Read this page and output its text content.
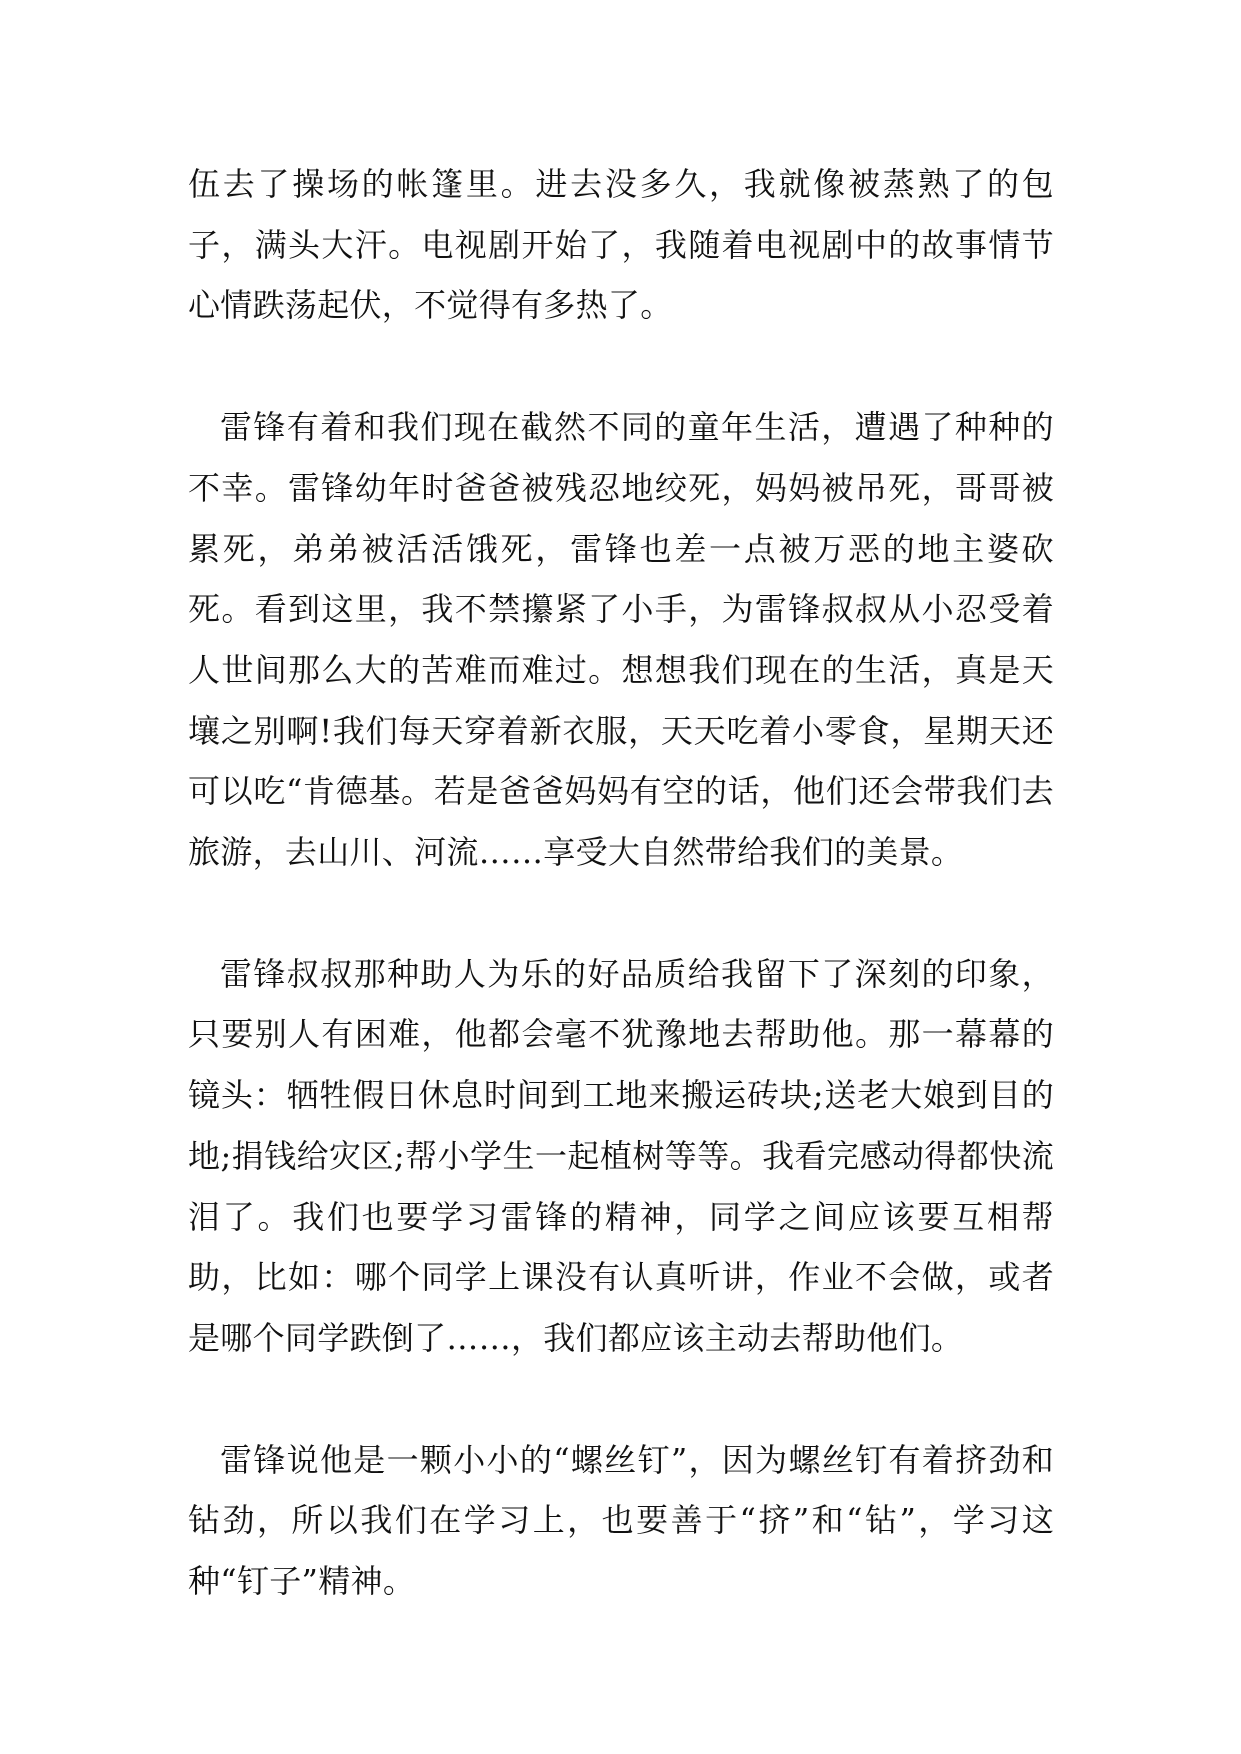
伍去了操场的帐篷里。进去没多久，我就像被蒸熟了的包子，满头大汗。电视剧开始了，我随着电视剧中的故事情节心情跌荡起伏，不觉得有多热了。

雷锋有着和我们现在截然不同的童年生活，遭遇了种种的不幸。雷锋幼年时爸爸被残忍地绞死，妈妈被吊死，哥哥被累死，弟弟被活活饿死，雷锋也差一点被万恶的地主婆砍死。看到这里，我不禁攥紧了小手，为雷锋叔叔从小忍受着人世间那么大的苦难而难过。想想我们现在的生活，真是天壤之别啊!我们每天穿着新衣服，天天吃着小零食，星期天还可以吃“肯德基。若是爸爸妈妈有空的话，他们还会带我们去旅游，去山川、河流……享受大自然带给我们的美景。

雷锋叔叔那种助人为乐的好品质给我留下了深刻的印象，只要别人有困难，他都会毫不犹豫地去帮助他。那一幕幕的镜头：牺牲假日休息时间到工地来搬运砖块;送老大娘到目的地;捐钱给灾区;帮小学生一起植树等等。我看完感动得都快流泪了。我们也要学习雷锋的精神，同学之间应该要互相帮助，比如：哪个同学上课没有认真听讲，作业不会做，或者是哪个同学跌倒了……，我们都应该主动去帮助他们。

雷锋说他是一颗小小的“螺丝钉”，因为螺丝钉有着挤劲和钻劲，所以我们在学习上，也要善于“挤”和“钻”，学习这种“钉子”精神。
